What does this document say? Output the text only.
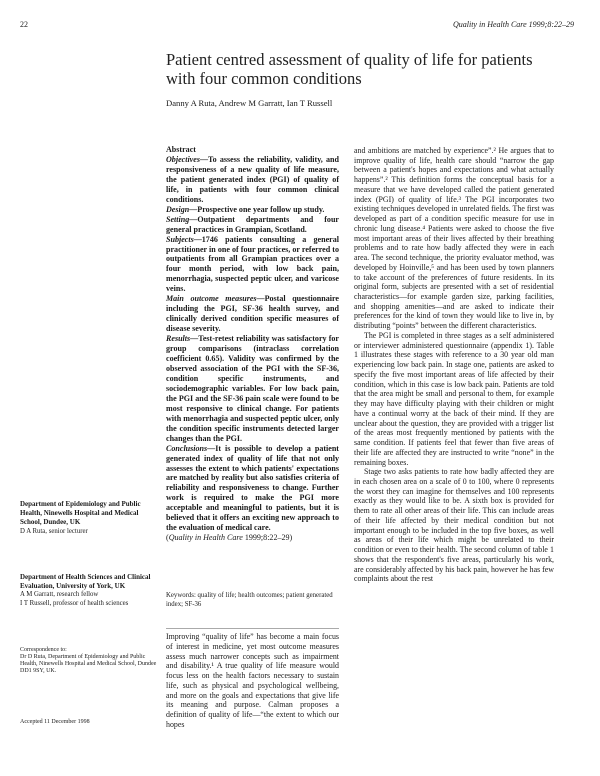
22	Quality in Health Care 1999;8:22–29
Patient centred assessment of quality of life for patients with four common conditions
Danny A Ruta, Andrew M Garratt, Ian T Russell
Abstract
Objectives—To assess the reliability, validity, and responsiveness of a new quality of life measure, the patient generated index (PGI) of quality of life, in patients with four common clinical conditions.
Design—Prospective one year follow up study.
Setting—Outpatient departments and four general practices in Grampian, Scotland.
Subjects—1746 patients consulting a general practitioner in one of four practices, or referred to outpatients from all Grampian practices over a four month period, with low back pain, menorrhagia, suspected peptic ulcer, and varicose veins.
Main outcome measures—Postal questionnaire including the PGI, SF-36 health survey, and clinically derived condition specific measures of disease severity.
Results—Test-retest reliability was satisfactory for group comparisons (intraclass correlation coefficient 0.65). Validity was confirmed by the observed association of the PGI with the SF-36, condition specific instruments, and sociodemographic variables. For low back pain, the PGI and the SF-36 pain scale were found to be most responsive to clinical change. For patients with menorrhagia and suspected peptic ulcer, only the condition specific instruments detected larger changes than the PGI.
Conclusions—It is possible to develop a patient generated index of quality of life that not only assesses the extent to which patients' expectations are matched by reality but also satisfies criteria of reliability and responsiveness to change. Further work is required to make the PGI more acceptable and meaningful to patients, but it is believed that it offers an exciting new approach to the evaluation of medical care.
(Quality in Health Care 1999;8:22–29)
Keywords: quality of life; health outcomes; patient generated index; SF-36
Improving “quality of life” has become a main focus of interest in medicine, yet most outcome measures assess much narrower concepts such as impairment and disability.¹ A true quality of life measure would focus less on the health factors necessary to sustain life, such as physical and psychological wellbeing, and more on the goals and expectations that give life its meaning and purpose. Calman proposes a definition of quality of life—“the extent to which our hopes

and ambitions are matched by experience”.² He argues that to improve quality of life, health care should “narrow the gap between a patient's hopes and expectations and what actually happens”.² This definition forms the conceptual basis for a measure that we have developed called the patient generated index (PGI) of quality of life.³ The PGI incorporates two existing techniques developed in unrelated fields. The first was developed as part of a condition specific measure for use in chronic lung disease.⁴ Patients were asked to choose the five most important areas of their lives affected by their breathing problems and to rate how badly affected they were in each area. The second technique, the priority evaluator method, was developed by Hoinville,⁵ and has been used by town planners to take account of the preferences of future residents. In its original form, subjects are presented with a set of residential characteristics—for example garden size, parking facilities, and shopping amenities—and are asked to indicate their preferences for the kind of town they would like to live in, by distributing “points” between the different characteristics.

The PGI is completed in three stages as a self administered or interviewer administered questionnaire (appendix 1). Table 1 illustrates these stages with reference to a 30 year old man experiencing low back pain. In stage one, patients are asked to specify the five most important areas of life affected by their condition, which in this case is low back pain. Patients are told that the area might be small and personal to them, for example they may have difficulty playing with their children or might have a continual worry at the back of their mind. If they are unclear about the question, they are provided with a trigger list of the areas most frequently mentioned by patients with the same condition. If patients feel that fewer than five areas of their life are affected they are instructed to write “none” in the remaining boxes.

Stage two asks patients to rate how badly affected they are in each chosen area on a scale of 0 to 100, where 0 represents the worst they can imagine for themselves and 100 represents exactly as they would like to be. A sixth box is provided for them to rate all other areas of their life. This can include areas of their life affected by their medical condition but not important enough to be included in the top five boxes, as well as areas of their life which might be unrelated to their condition or even to their health. The second column of table 1 shows that the respondent's five areas, particularly his work, are considerably affected by his back pain, however he has few complaints about the rest

Department of Epidemiology and Public Health, Ninewells Hospital and Medical School, Dundee, UK
D A Ruta, senior lecturer
Department of Health Sciences and Clinical Evaluation, University of York, UK
A M Garratt, research fellow
I T Russell, professor of health sciences
Correspondence to:
Dr D Ruta, Department of Epidemiology and Public Health, Ninewells Hospital and Medical School, Dundee DD1 9SY, UK.
Accepted 11 December 1998
